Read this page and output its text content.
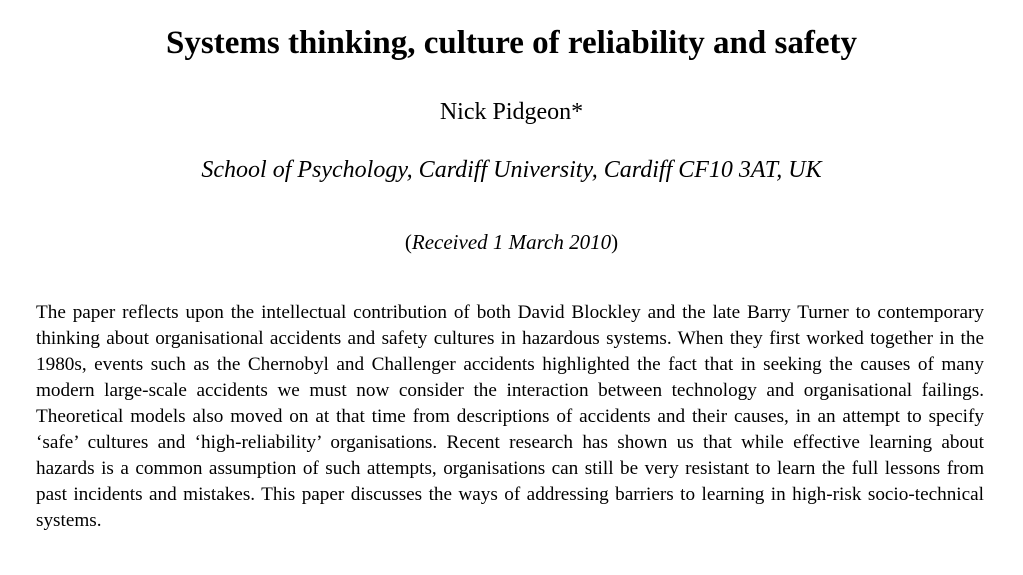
Systems thinking, culture of reliability and safety

Nick Pidgeon*

School of Psychology, Cardiff University, Cardiff CF10 3AT, UK

(Received 1 March 2010)

The paper reflects upon the intellectual contribution of both David Blockley and the late Barry Turner to contemporary thinking about organisational accidents and safety cultures in hazardous systems. When they first worked together in the 1980s, events such as the Chernobyl and Challenger accidents highlighted the fact that in seeking the causes of many modern large-scale accidents we must now consider the interaction between technology and organisational failings. Theoretical models also moved on at that time from descriptions of accidents and their causes, in an attempt to specify ‘safe’ cultures and ‘high-reliability’ organisations. Recent research has shown us that while effective learning about hazards is a common assumption of such attempts, organisations can still be very resistant to learn the full lessons from past incidents and mistakes. This paper discusses the ways of addressing barriers to learning in high-risk socio-technical systems.
